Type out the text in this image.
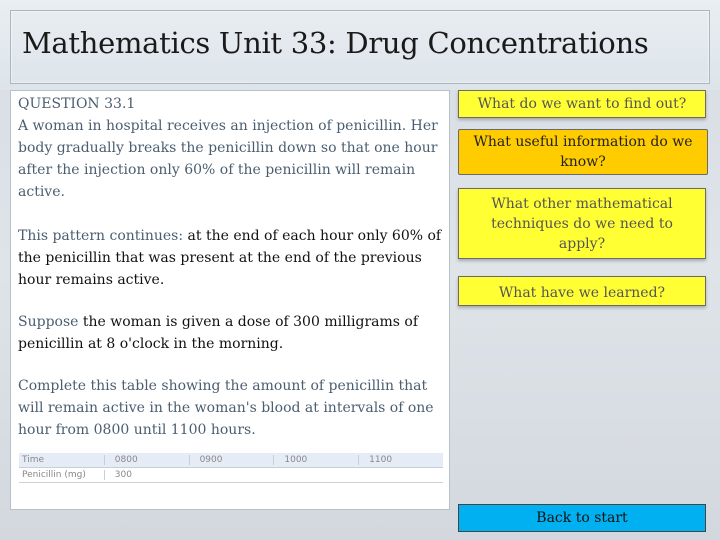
Mathematics Unit 33: Drug Concentrations

QUESTION 33.1
A woman in hospital receives an injection of penicillin. Her body gradually breaks the penicillin down so that one hour after the injection only 60% of the penicillin will remain active.

This pattern continues: at the end of each hour only 60% of the penicillin that was present at the end of the previous hour remains active.

Suppose the woman is given a dose of 300 milligrams of penicillin at 8 o'clock in the morning.

Complete this table showing the amount of penicillin that will remain active in the woman's blood at intervals of one hour from 0800 until 1100 hours.

Time	0800	0900	1000	1100
Penicillin (mg)	300
What do we want to find out?
What useful information do we know?
What other mathematical techniques do we need to apply?
What have we learned?
Back to start
